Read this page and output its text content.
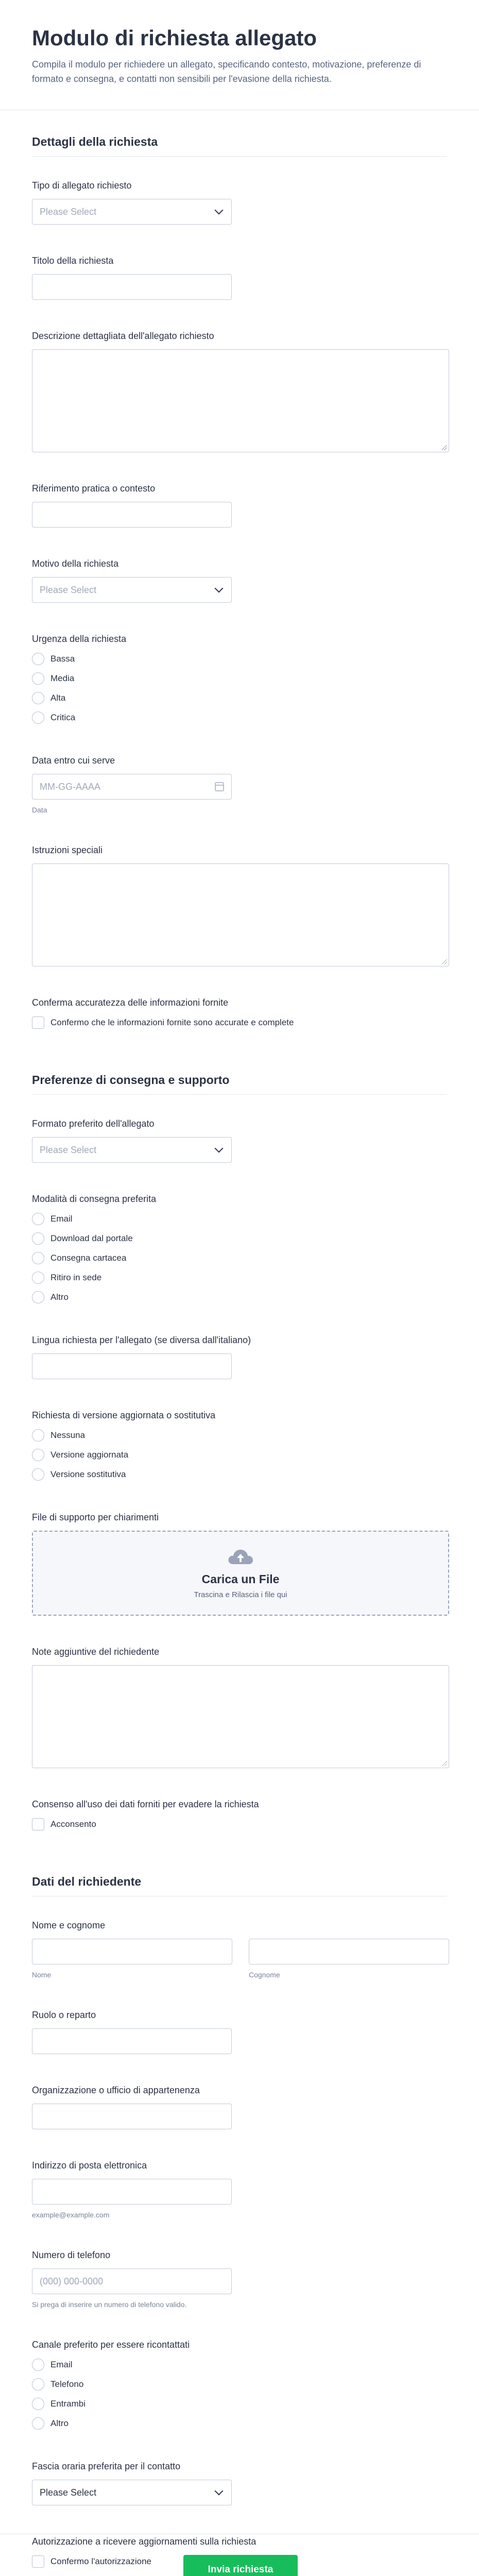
Modulo di richiesta allegato

Compila il modulo per richiedere un allegato, specificando contesto, motivazione, preferenze di formato e consegna, e contatti non sensibili per l'evasione della richiesta.

Dettagli della richiesta
Tipo di allegato richiesto
Please Select
Titolo della richiesta
Descrizione dettagliata dell'allegato richiesto
Riferimento pratica o contesto
Motivo della richiesta
Please Select
Urgenza della richiesta
Bassa
Media
Alta
Critica
Data entro cui serve
MM-GG-AAAA
Data
Istruzioni speciali
Conferma accuratezza delle informazioni fornite
Confermo che le informazioni fornite sono accurate e complete
Preferenze di consegna e supporto
Formato preferito dell'allegato
Please Select
Modalità di consegna preferita
Email
Download dal portale
Consegna cartacea
Ritiro in sede
Altro
Lingua richiesta per l'allegato (se diversa dall'italiano)
Richiesta di versione aggiornata o sostitutiva
Nessuna
Versione aggiornata
Versione sostitutiva
File di supporto per chiarimenti
Carica un File
Trascina e Rilascia i file qui
Note aggiuntive del richiedente
Consenso all'uso dei dati forniti per evadere la richiesta
Acconsento
Dati del richiedente
Nome e cognome
Nome	Cognome
Ruolo o reparto
Organizzazione o ufficio di appartenenza
Indirizzo di posta elettronica
example@example.com
Numero di telefono
(000) 000-0000
Si prega di inserire un numero di telefono valido.
Canale preferito per essere ricontattati
Email
Telefono
Entrambi
Altro
Fascia oraria preferita per il contatto
Please Select
Autorizzazione a ricevere aggiornamenti sulla richiesta
Confermo l'autorizzazione
Invia richiesta
